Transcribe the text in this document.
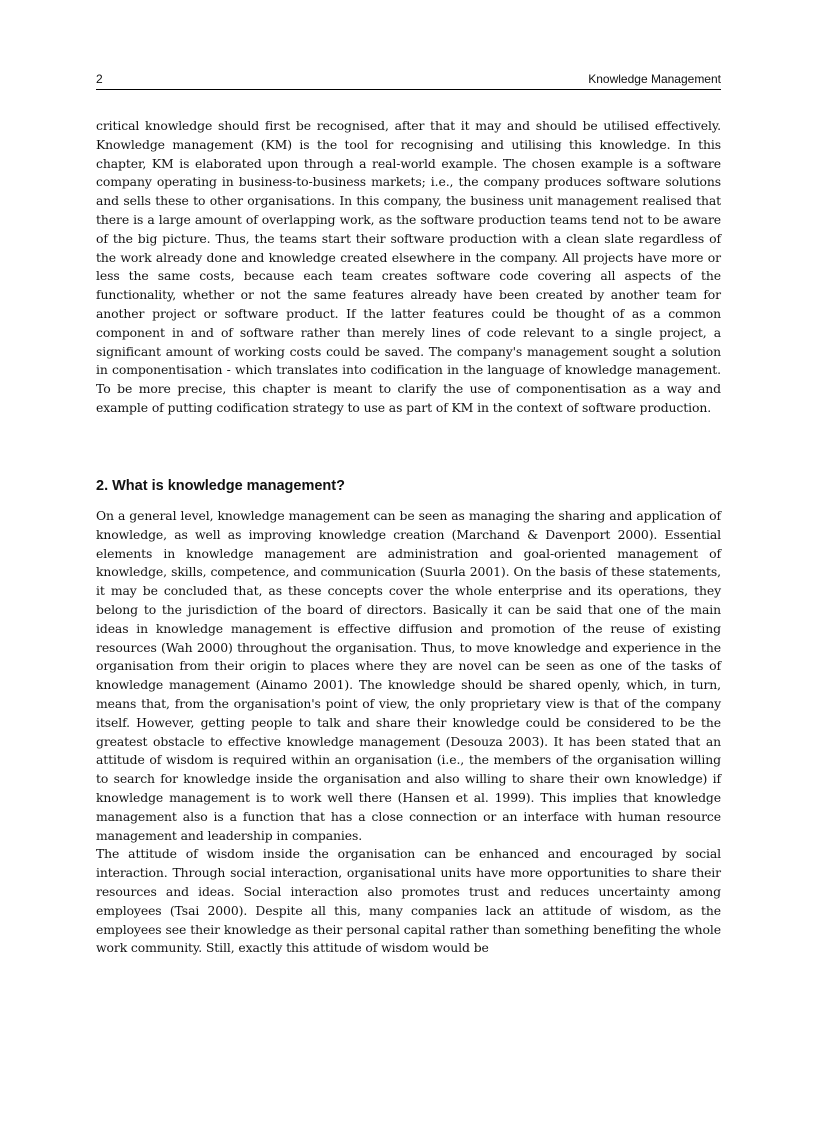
2	Knowledge Management

critical knowledge should first be recognised, after that it may and should be utilised effectively. Knowledge management (KM) is the tool for recognising and utilising this knowledge. In this chapter, KM is elaborated upon through a real-world example. The chosen example is a software company operating in business-to-business markets; i.e., the company produces software solutions and sells these to other organisations. In this company, the business unit management realised that there is a large amount of overlapping work, as the software production teams tend not to be aware of the big picture. Thus, the teams start their software production with a clean slate regardless of the work already done and knowledge created elsewhere in the company. All projects have more or less the same costs, because each team creates software code covering all aspects of the functionality, whether or not the same features already have been created by another team for another project or software product. If the latter features could be thought of as a common component in and of software rather than merely lines of code relevant to a single project, a significant amount of working costs could be saved. The company's management sought a solution in componentisation - which translates into codification in the language of knowledge management. To be more precise, this chapter is meant to clarify the use of componentisation as a way and example of putting codification strategy to use as part of KM in the context of software production.

2. What is knowledge management?

On a general level, knowledge management can be seen as managing the sharing and application of knowledge, as well as improving knowledge creation (Marchand & Davenport 2000). Essential elements in knowledge management are administration and goal-oriented management of knowledge, skills, competence, and communication (Suurla 2001). On the basis of these statements, it may be concluded that, as these concepts cover the whole enterprise and its operations, they belong to the jurisdiction of the board of directors. Basically it can be said that one of the main ideas in knowledge management is effective diffusion and promotion of the reuse of existing resources (Wah 2000) throughout the organisation. Thus, to move knowledge and experience in the organisation from their origin to places where they are novel can be seen as one of the tasks of knowledge management (Ainamo 2001). The knowledge should be shared openly, which, in turn, means that, from the organisation's point of view, the only proprietary view is that of the company itself. However, getting people to talk and share their knowledge could be considered to be the greatest obstacle to effective knowledge management (Desouza 2003). It has been stated that an attitude of wisdom is required within an organisation (i.e., the members of the organisation willing to search for knowledge inside the organisation and also willing to share their own knowledge) if knowledge management is to work well there (Hansen et al. 1999). This implies that knowledge management also is a function that has a close connection or an interface with human resource management and leadership in companies.

The attitude of wisdom inside the organisation can be enhanced and encouraged by social interaction. Through social interaction, organisational units have more opportunities to share their resources and ideas. Social interaction also promotes trust and reduces uncertainty among employees (Tsai 2000). Despite all this, many companies lack an attitude of wisdom, as the employees see their knowledge as their personal capital rather than something benefiting the whole work community. Still, exactly this attitude of wisdom would be
